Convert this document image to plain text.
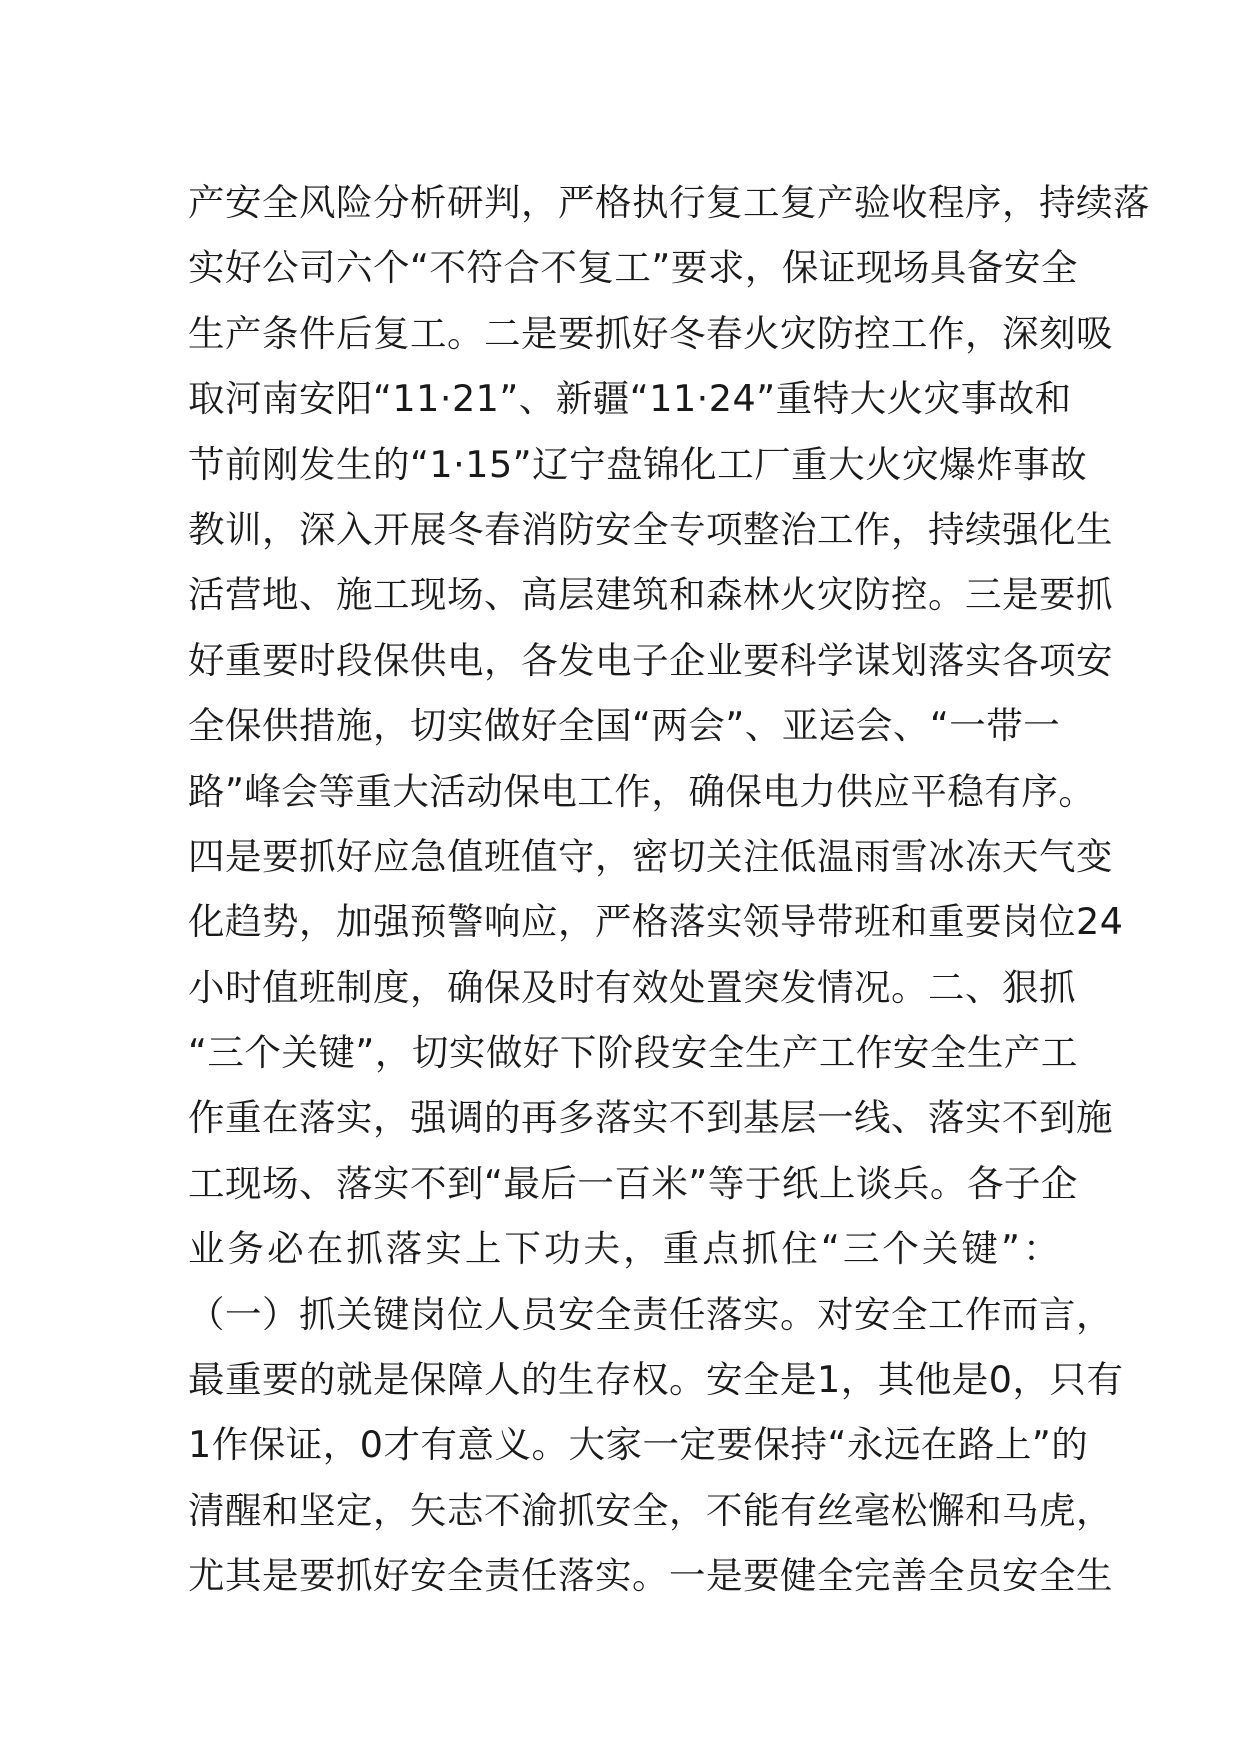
产安全风险分析研判，严格执行复工复产验收程序，持续落
实好公司六个“不符合不复工”要求，保证现场具备安全
生产条件后复工。二是要抓好冬春火灾防控工作，深刻吸
取河南安阳“11·21”、新疆“11·24”重特大火灾事故和
节前刚发生的“1·15”辽宁盘锦化工厂重大火灾爆炸事故
教训，深入开展冬春消防安全专项整治工作，持续强化生
活营地、施工现场、高层建筑和森林火灾防控。三是要抓
好重要时段保供电，各发电子企业要科学谋划落实各项安
全保供措施，切实做好全国“两会”、亚运会、“一带一
路”峰会等重大活动保电工作，确保电力供应平稳有序。
四是要抓好应急值班值守，密切关注低温雨雪冰冻天气变
化趋势，加强预警响应，严格落实领导带班和重要岗位24
小时值班制度，确保及时有效处置突发情况。二、狠抓
“三个关键”，切实做好下阶段安全生产工作安全生产工
作重在落实，强调的再多落实不到基层一线、落实不到施
工现场、落实不到“最后一百米”等于纸上谈兵。各子企
业务必在抓落实上下功夫，重点抓住“三个关键”：
（一）抓关键岗位人员安全责任落实。对安全工作而言，
最重要的就是保障人的生存权。安全是1，其他是0，只有
1作保证，0才有意义。大家一定要保持“永远在路上”的
清醒和坚定，矢志不渝抓安全，不能有丝毫松懈和马虎，
尤其是要抓好安全责任落实。一是要健全完善全员安全生
